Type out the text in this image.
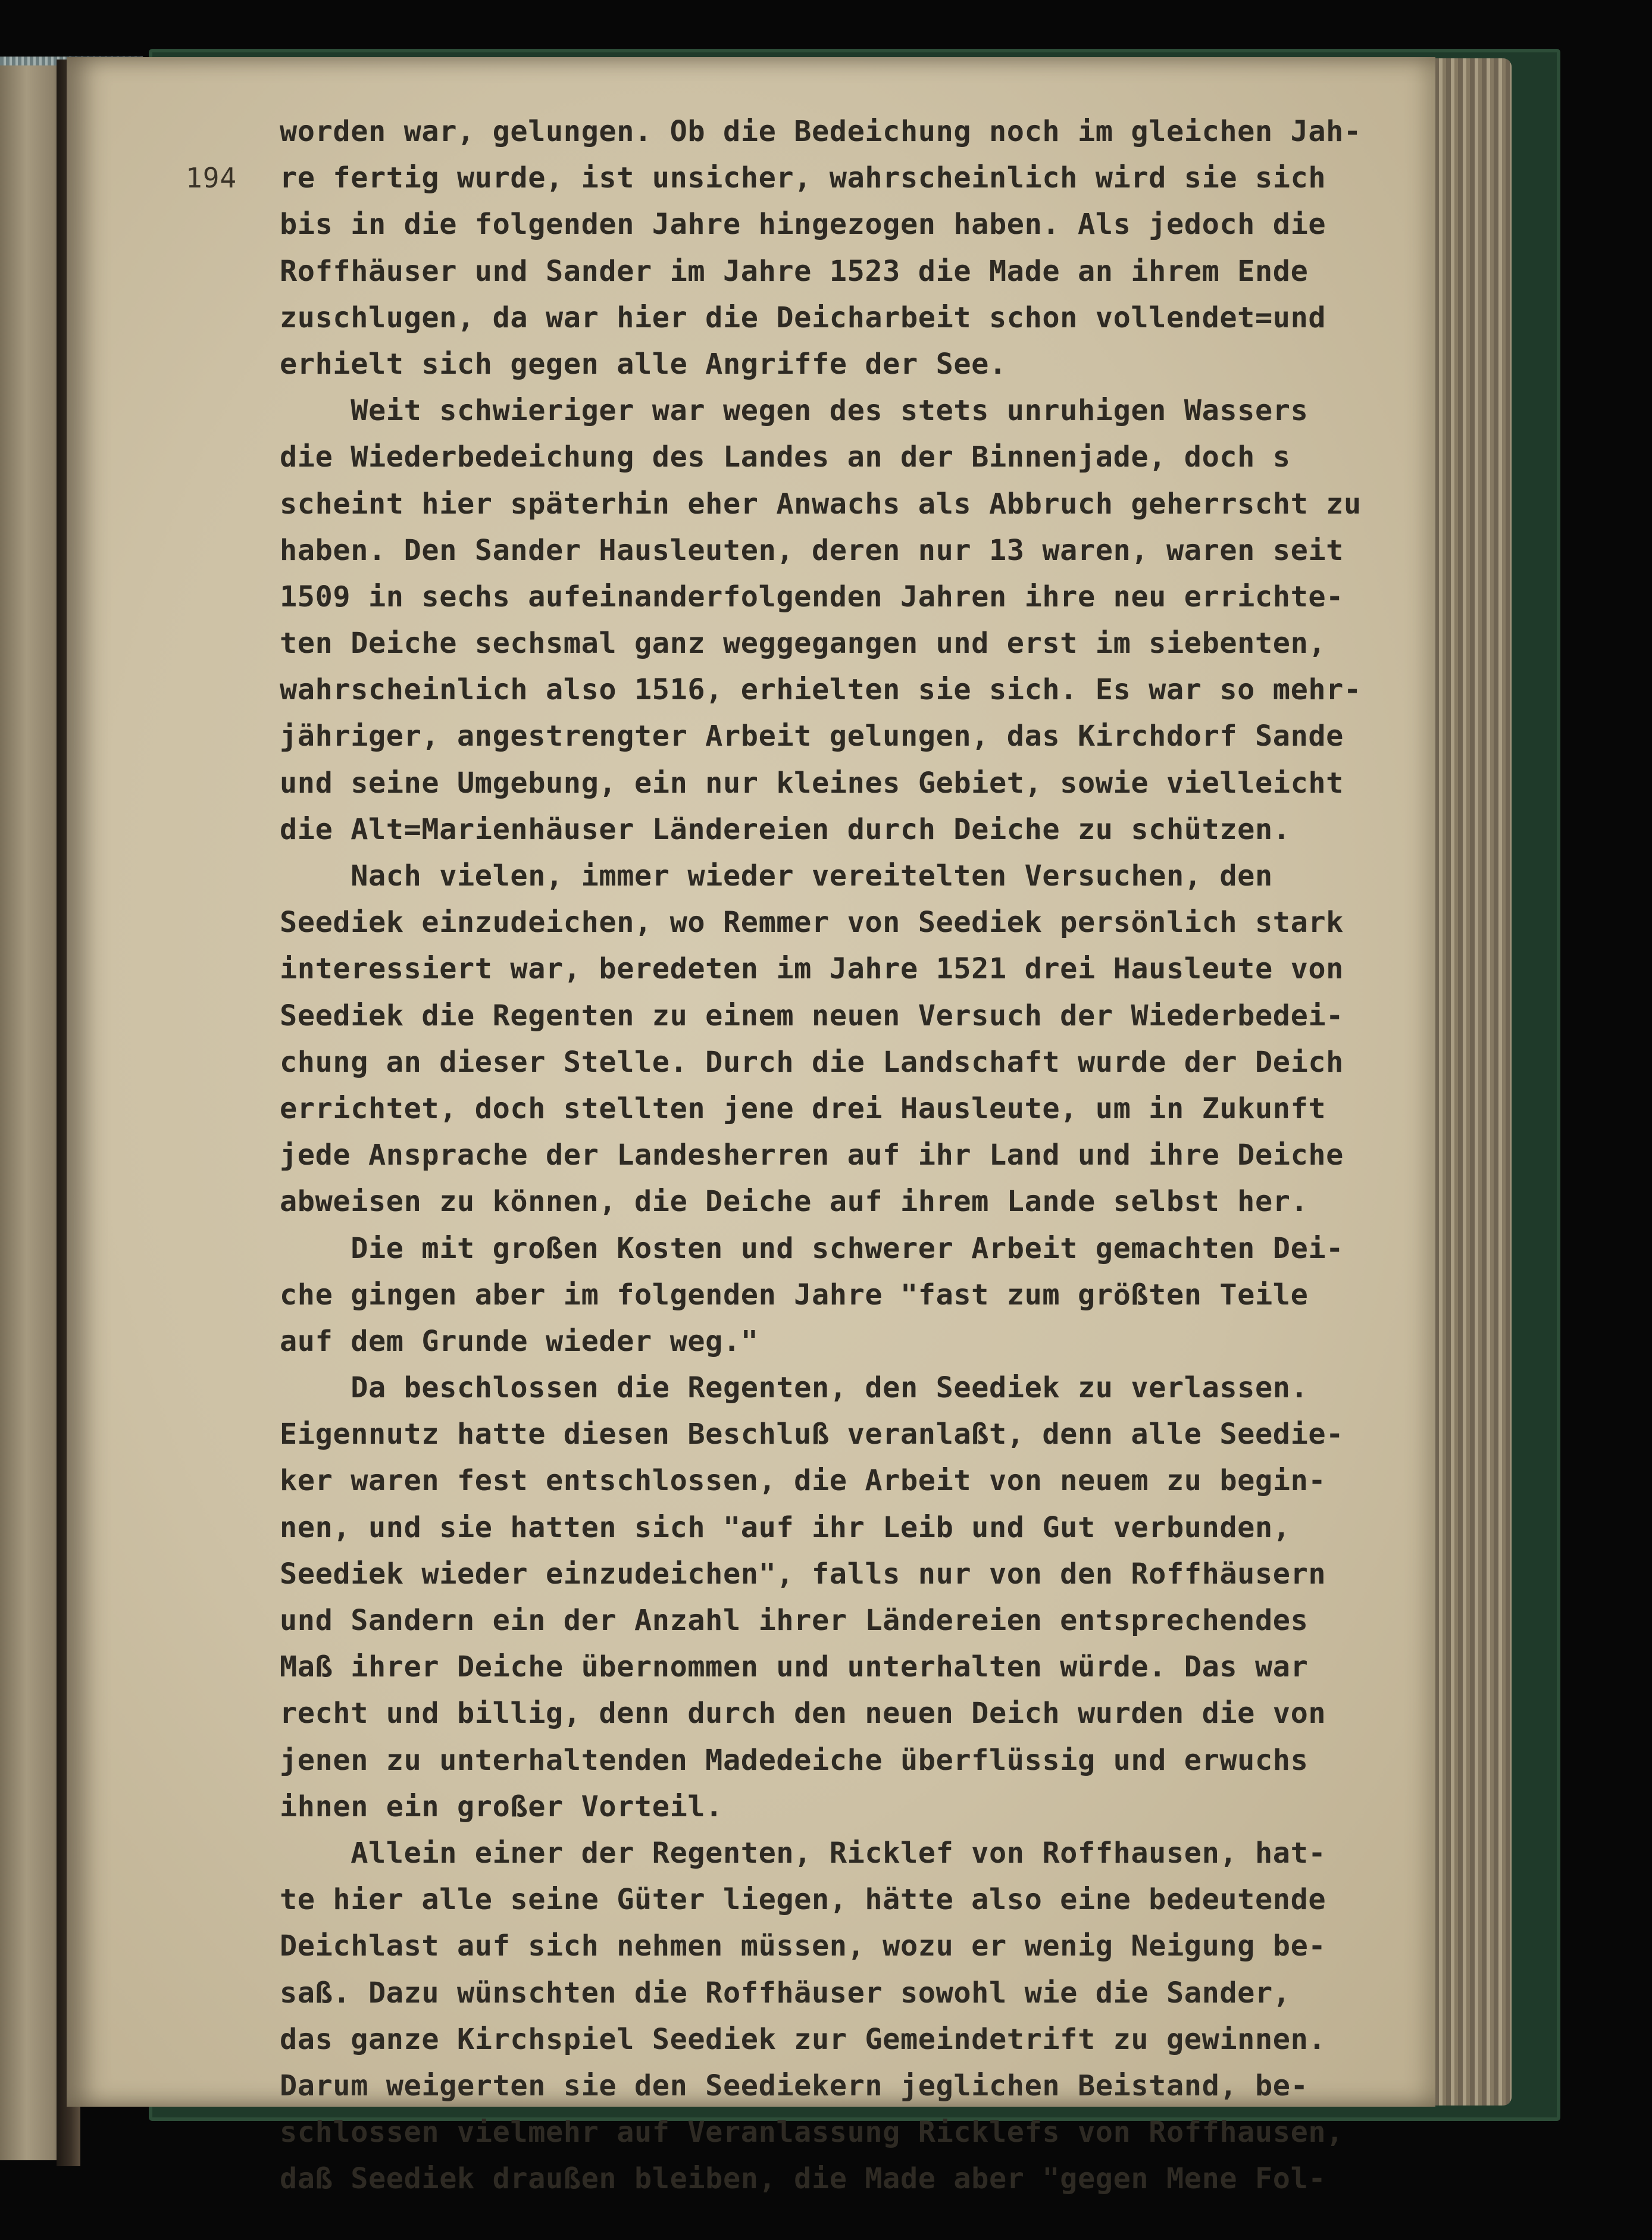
194
worden war, gelungen. Ob die Bedeichung noch im gleichen Jah-
re fertig wurde, ist unsicher, wahrscheinlich wird sie sich
bis in die folgenden Jahre hingezogen haben. Als jedoch die
Roffhäuser und Sander im Jahre 1523 die Made an ihrem Ende
zuschlugen, da war hier die Deicharbeit schon vollendet=und
erhielt sich gegen alle Angriffe der See.
Weit schwieriger war wegen des stets unruhigen Wassers
die Wiederbedeichung des Landes an der Binnenjade, doch s
scheint hier späterhin eher Anwachs als Abbruch geherrscht zu
haben. Den Sander Hausleuten, deren nur 13 waren, waren seit
1509 in sechs aufeinanderfolgenden Jahren ihre neu errichte-
ten Deiche sechsmal ganz weggegangen und erst im siebenten,
wahrscheinlich also 1516, erhielten sie sich. Es war so mehr-
jähriger, angestrengter Arbeit gelungen, das Kirchdorf Sande
und seine Umgebung, ein nur kleines Gebiet, sowie vielleicht
die Alt=Marienhäuser Ländereien durch Deiche zu schützen.
Nach vielen, immer wieder vereitelten Versuchen, den
Seediek einzudeichen, wo Remmer von Seediek persönlich stark
interessiert war, beredeten im Jahre 1521 drei Hausleute von
Seediek die Regenten zu einem neuen Versuch der Wiederbedei-
chung an dieser Stelle. Durch die Landschaft wurde der Deich
errichtet, doch stellten jene drei Hausleute, um in Zukunft
jede Ansprache der Landesherren auf ihr Land und ihre Deiche
abweisen zu können, die Deiche auf ihrem Lande selbst her.
Die mit großen Kosten und schwerer Arbeit gemachten Dei-
che gingen aber im folgenden Jahre "fast zum größten Teile
auf dem Grunde wieder weg."
Da beschlossen die Regenten, den Seediek zu verlassen.
Eigennutz hatte diesen Beschluß veranlaßt, denn alle Seedie-
ker waren fest entschlossen, die Arbeit von neuem zu begin-
nen, und sie hatten sich "auf ihr Leib und Gut verbunden,
Seediek wieder einzudeichen", falls nur von den Roffhäusern
und Sandern ein der Anzahl ihrer Ländereien entsprechendes
Maß ihrer Deiche übernommen und unterhalten würde. Das war
recht und billig, denn durch den neuen Deich wurden die von
jenen zu unterhaltenden Madedeiche überflüssig und erwuchs
ihnen ein großer Vorteil.
Allein einer der Regenten, Ricklef von Roffhausen, hat-
te hier alle seine Güter liegen, hätte also eine bedeutende
Deichlast auf sich nehmen müssen, wozu er wenig Neigung be-
saß. Dazu wünschten die Roffhäuser sowohl wie die Sander,
das ganze Kirchspiel Seediek zur Gemeindetrift zu gewinnen.
Darum weigerten sie den Seediekern jeglichen Beistand, be-
schlossen vielmehr auf Veranlassung Ricklefs von Roffhausen,
daß Seediek draußen bleiben, die Made aber "gegen Mene Fol-
